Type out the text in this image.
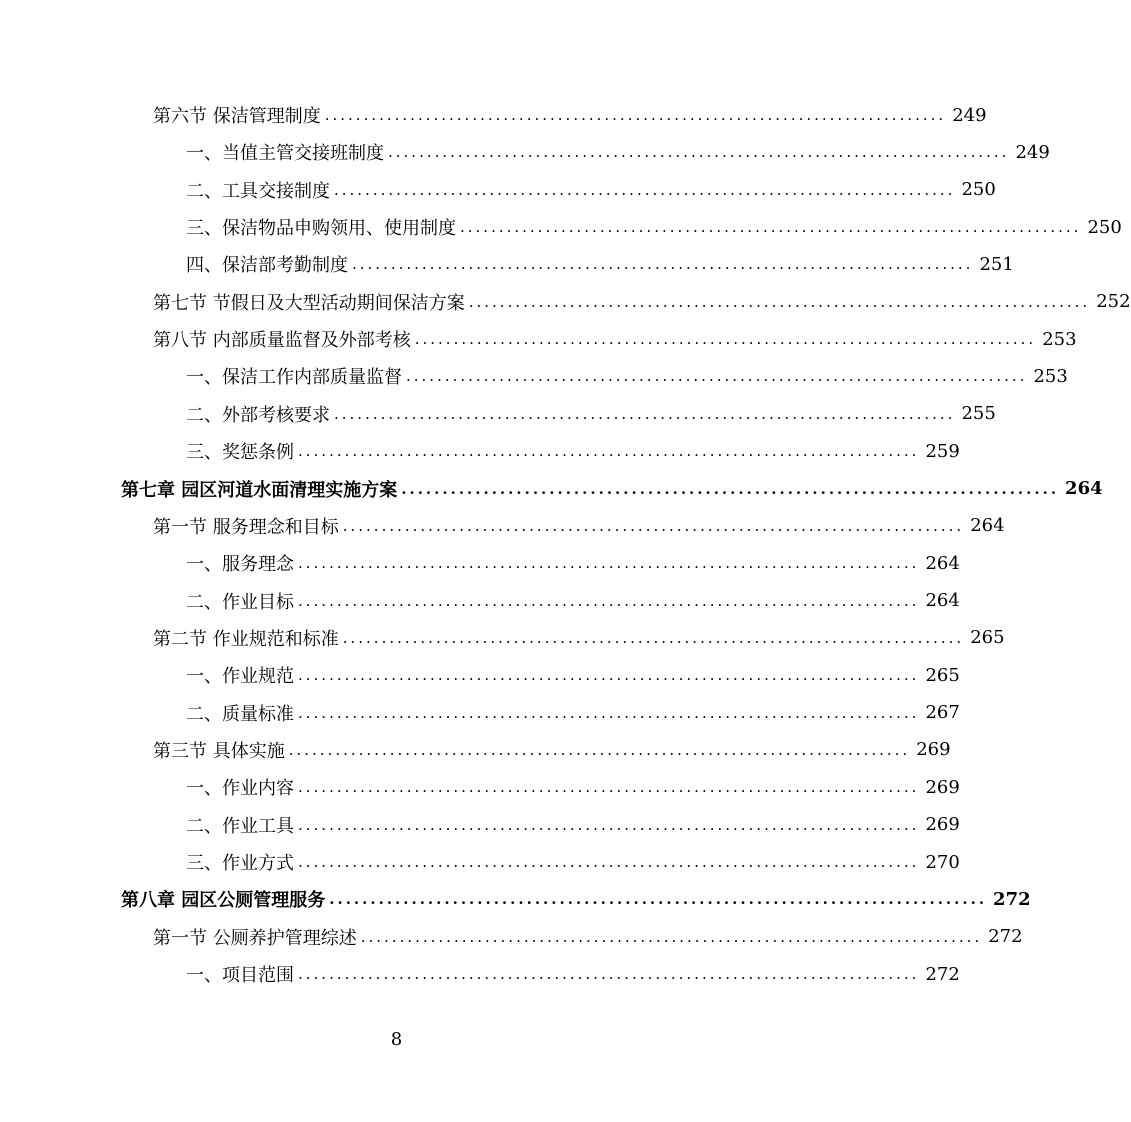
第六节 保洁管理制度 ................................................................................ 249
一、当值主管交接班制度 ................................................................................ 249
二、工具交接制度 ................................................................................ 250
三、保洁物品申购领用、使用制度 ................................................................................ 250
四、保洁部考勤制度 ................................................................................ 251
第七节 节假日及大型活动期间保洁方案 ................................................................................ 252
第八节 内部质量监督及外部考核 ................................................................................ 253
一、保洁工作内部质量监督 ................................................................................ 253
二、外部考核要求 ................................................................................ 255
三、奖惩条例 ................................................................................ 259
第七章 园区河道水面清理实施方案 ................................................................................ 264
第一节 服务理念和目标 ................................................................................ 264
一、服务理念 ................................................................................ 264
二、作业目标 ................................................................................ 264
第二节 作业规范和标准 ................................................................................ 265
一、作业规范 ................................................................................ 265
二、质量标准 ................................................................................ 267
第三节 具体实施 ................................................................................ 269
一、作业内容 ................................................................................ 269
二、作业工具 ................................................................................ 269
三、作业方式 ................................................................................ 270
第八章 园区公厕管理服务 ................................................................................ 272
第一节 公厕养护管理综述 ................................................................................ 272
一、项目范围 ................................................................................ 272
8
